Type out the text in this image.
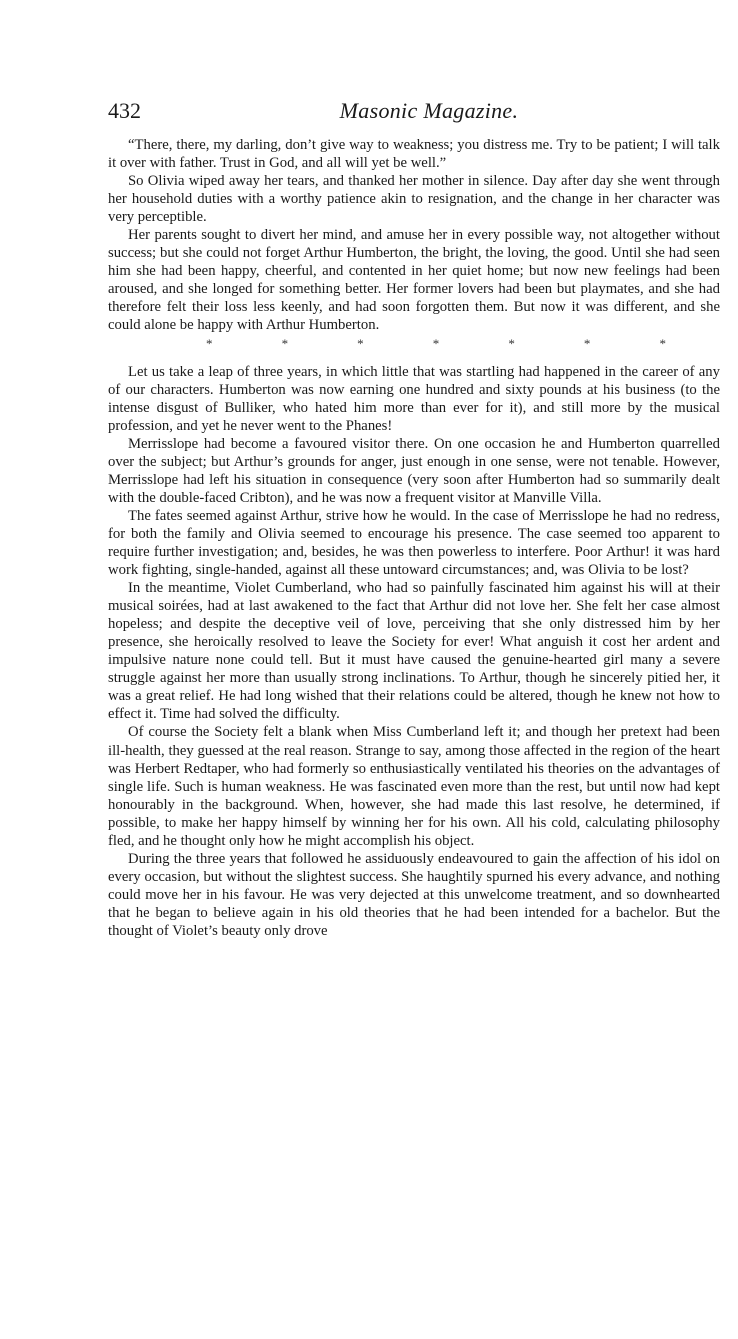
432	Masonic Magazine.

“There, there, my darling, don’t give way to weakness; you distress me. Try to be patient; I will talk it over with father. Trust in God, and all will yet be well.”

So Olivia wiped away her tears, and thanked her mother in silence. Day after day she went through her household duties with a worthy patience akin to resignation, and the change in her character was very perceptible.

Her parents sought to divert her mind, and amuse her in every possible way, not altogether without success; but she could not forget Arthur Humberton, the bright, the loving, the good. Until she had seen him she had been happy, cheerful, and contented in her quiet home; but now new feelings had been aroused, and she longed for something better. Her former lovers had been but playmates, and she had therefore felt their loss less keenly, and had soon forgotten them. But now it was different, and she could alone be happy with Arthur Humberton.

*	*	*	*	*	*	*

Let us take a leap of three years, in which little that was startling had happened in the career of any of our characters. Humberton was now earning one hundred and sixty pounds at his business (to the intense disgust of Bulliker, who hated him more than ever for it), and still more by the musical profession, and yet he never went to the Phanes!

Merrisslope had become a favoured visitor there. On one occasion he and Humberton quarrelled over the subject; but Arthur’s grounds for anger, just enough in one sense, were not tenable. However, Merrisslope had left his situation in consequence (very soon after Humberton had so summarily dealt with the double-faced Cribton), and he was now a frequent visitor at Manville Villa.

The fates seemed against Arthur, strive how he would. In the case of Merrisslope he had no redress, for both the family and Olivia seemed to encourage his presence. The case seemed too apparent to require further investigation; and, besides, he was then powerless to interfere. Poor Arthur! it was hard work fighting, single-handed, against all these untoward circumstances; and, was Olivia to be lost?

In the meantime, Violet Cumberland, who had so painfully fascinated him against his will at their musical soirées, had at last awakened to the fact that Arthur did not love her. She felt her case almost hopeless; and despite the deceptive veil of love, perceiving that she only distressed him by her presence, she heroically resolved to leave the Society for ever! What anguish it cost her ardent and impulsive nature none could tell. But it must have caused the genuine-hearted girl many a severe struggle against her more than usually strong inclinations. To Arthur, though he sincerely pitied her, it was a great relief. He had long wished that their relations could be altered, though he knew not how to effect it. Time had solved the difficulty.

Of course the Society felt a blank when Miss Cumberland left it; and though her pretext had been ill-health, they guessed at the real reason. Strange to say, among those affected in the region of the heart was Herbert Redtaper, who had formerly so enthusiastically ventilated his theories on the advantages of single life. Such is human weakness. He was fascinated even more than the rest, but until now had kept honourably in the background. When, however, she had made this last resolve, he determined, if possible, to make her happy himself by winning her for his own. All his cold, calculating philosophy fled, and he thought only how he might accomplish his object.

During the three years that followed he assiduously endeavoured to gain the affection of his idol on every occasion, but without the slightest success. She haughtily spurned his every advance, and nothing could move her in his favour. He was very dejected at this unwelcome treatment, and so downhearted that he began to believe again in his old theories that he had been intended for a bachelor. But the thought of Violet’s beauty only drove
